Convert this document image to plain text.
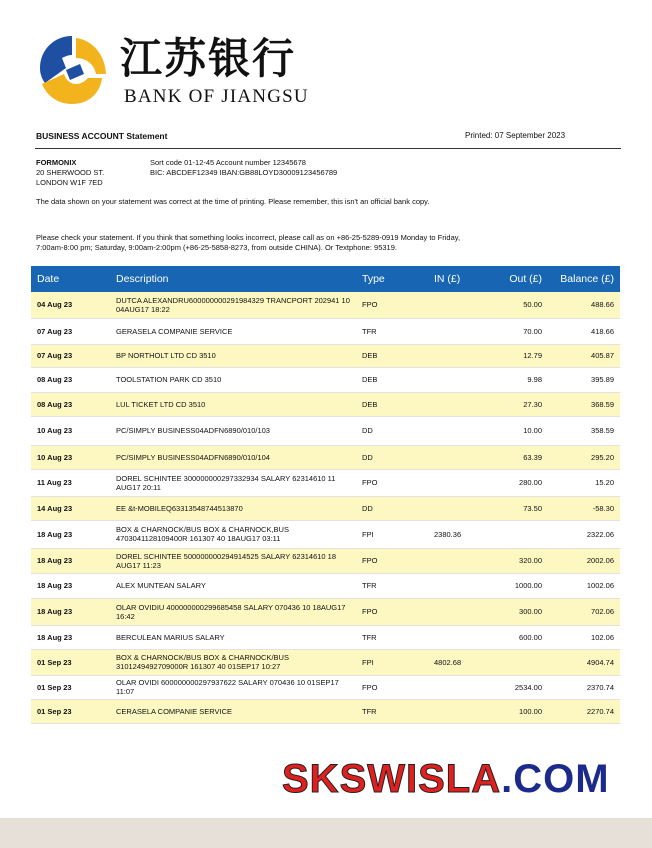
江苏银行
BANK OF JIANGSU
BUSINESS ACCOUNT Statement	Printed: 07 September 2023
FORMONIX
20 SHERWOOD ST.
LONDON W1F 7ED
Sort code 01-12-45 Account number 12345678
BIC: ABCDEF12349 IBAN:GB88LOYD30009123456789
The data shown on your statement was correct at the time of printing. Please remember, this isn't an official bank copy.
Please check your statement. If you think that something looks incorrect, please call as on +86-25-5289-0919 Monday to Friday, 7:00am-8:00 pm; Saturday, 9:00am-2:00pm (+86-25-5858-8273, from outside CHINA). Or Textphone: 95319.
Date	Description	Type	IN (£)	Out (£)	Balance (£)
04 Aug 23	DUTCA ALEXANDRU60000000029198432​9 TRANCPORT 202941 10 04AUG17 18:22	FPO		50.00	488.66
07 Aug 23	GERASELA COMPANIE SERVICE	TFR		70.00	418.66
07 Aug 23	BP NORTHOLT LTD CD 3510	DEB		12.79	405.87
08 Aug 23	TOOLSTATION PARK CD 3510	DEB		9.98	395.89
08 Aug 23	LUL TICKET LTD CD 3510	DEB		27.30	368.59
10 Aug 23	PC/SIMPLY BUSINESS04ADFN6890/010/103	DD		10.00	358.59
10 Aug 23	PC/SIMPLY BUSINESS04ADFN6890/010/104	DD		63.39	295.20
11 Aug 23	DOREL SCHINTEE 300000000297332934 SALARY 62314610 11 AUG17 20:11	FPO		280.00	15.20
14 Aug 23	EE &t-MOBILEQ63313548744513870	DD		73.50	-58.30
18 Aug 23	BOX & CHARNOCK/BUS BOX & CHARNOCK,BUS 4703041128109400R 161307 40 18AUG17 03:11	FPI	2380.36		2322.06
18 Aug 23	DOREL SCHINTEE 500000000294914525 SALARY 62314610 18 AUG17 11:23	FPO		320.00	2002.06
18 Aug 23	ALEX MUNTEAN SALARY	TFR		1000.00	1002.06
18 Aug 23	OLAR OVIDIU 400000000299685458 SALARY 070436 10 18AUG17 16:42	FPO		300.00	702.06
18 Aug 23	BERCULEAN MARIUS SALARY	TFR		600.00	102.06
01 Sep 23	BOX & CHARNOCK/BUS BOX & CHARNOCK/BUS 3101249492709000R 161307 40 01SEP17 10:27	FPI	4802.68		4904.74
01 Sep 23	OLAR OVIDI 600000000297937622 SALARY 070436 10 01SEP17 11:07	FPO		2534.00	2370.74
01 Sep 23	CERASELA COMPANIE SERVICE	TFR		100.00	2270.74
SKSWISLA.COM
